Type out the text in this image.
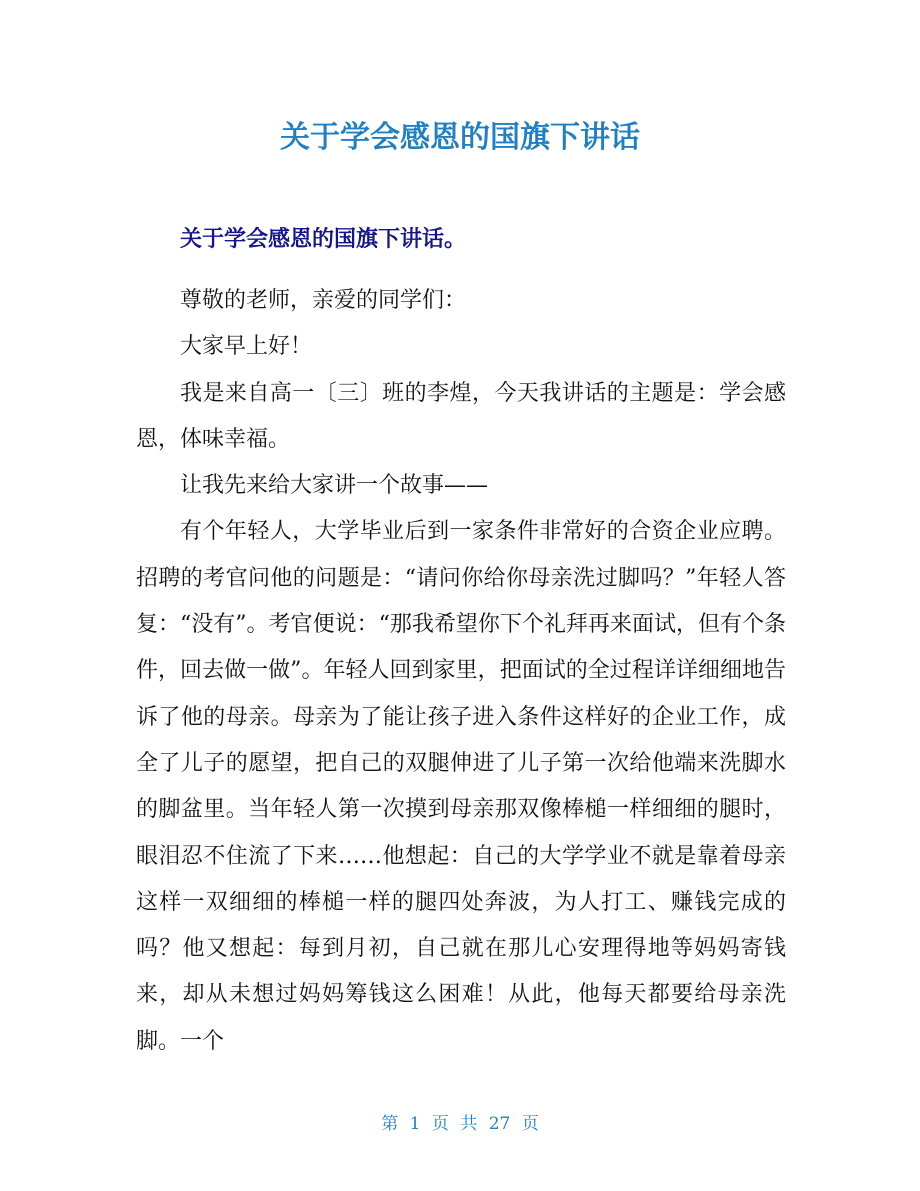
关于学会感恩的国旗下讲话
关于学会感恩的国旗下讲话。

尊敬的老师，亲爱的同学们：

大家早上好！

我是来自高一〔三〕班的李煌，今天我讲话的主题是：学会感恩，体味幸福。

让我先来给大家讲一个故事——

有个年轻人，大学毕业后到一家条件非常好的合资企业应聘。招聘的考官问他的问题是：“请问你给你母亲洗过脚吗？”年轻人答复：“没有”。考官便说：“那我希望你下个礼拜再来面试，但有个条件，回去做一做”。年轻人回到家里，把面试的全过程详详细细地告诉了他的母亲。母亲为了能让孩子进入条件这样好的企业工作，成全了儿子的愿望，把自己的双腿伸进了儿子第一次给他端来洗脚水的脚盆里。当年轻人第一次摸到母亲那双像棒槌一样细细的腿时，眼泪忍不住流了下来……他想起：自己的大学学业不就是靠着母亲这样一双细细的棒槌一样的腿四处奔波，为人打工、赚钱完成的吗？他又想起：每到月初，自己就在那儿心安理得地等妈妈寄钱来，却从未想过妈妈筹钱这么困难！从此，他每天都要给母亲洗脚。一个

第 1 页 共 27 页
